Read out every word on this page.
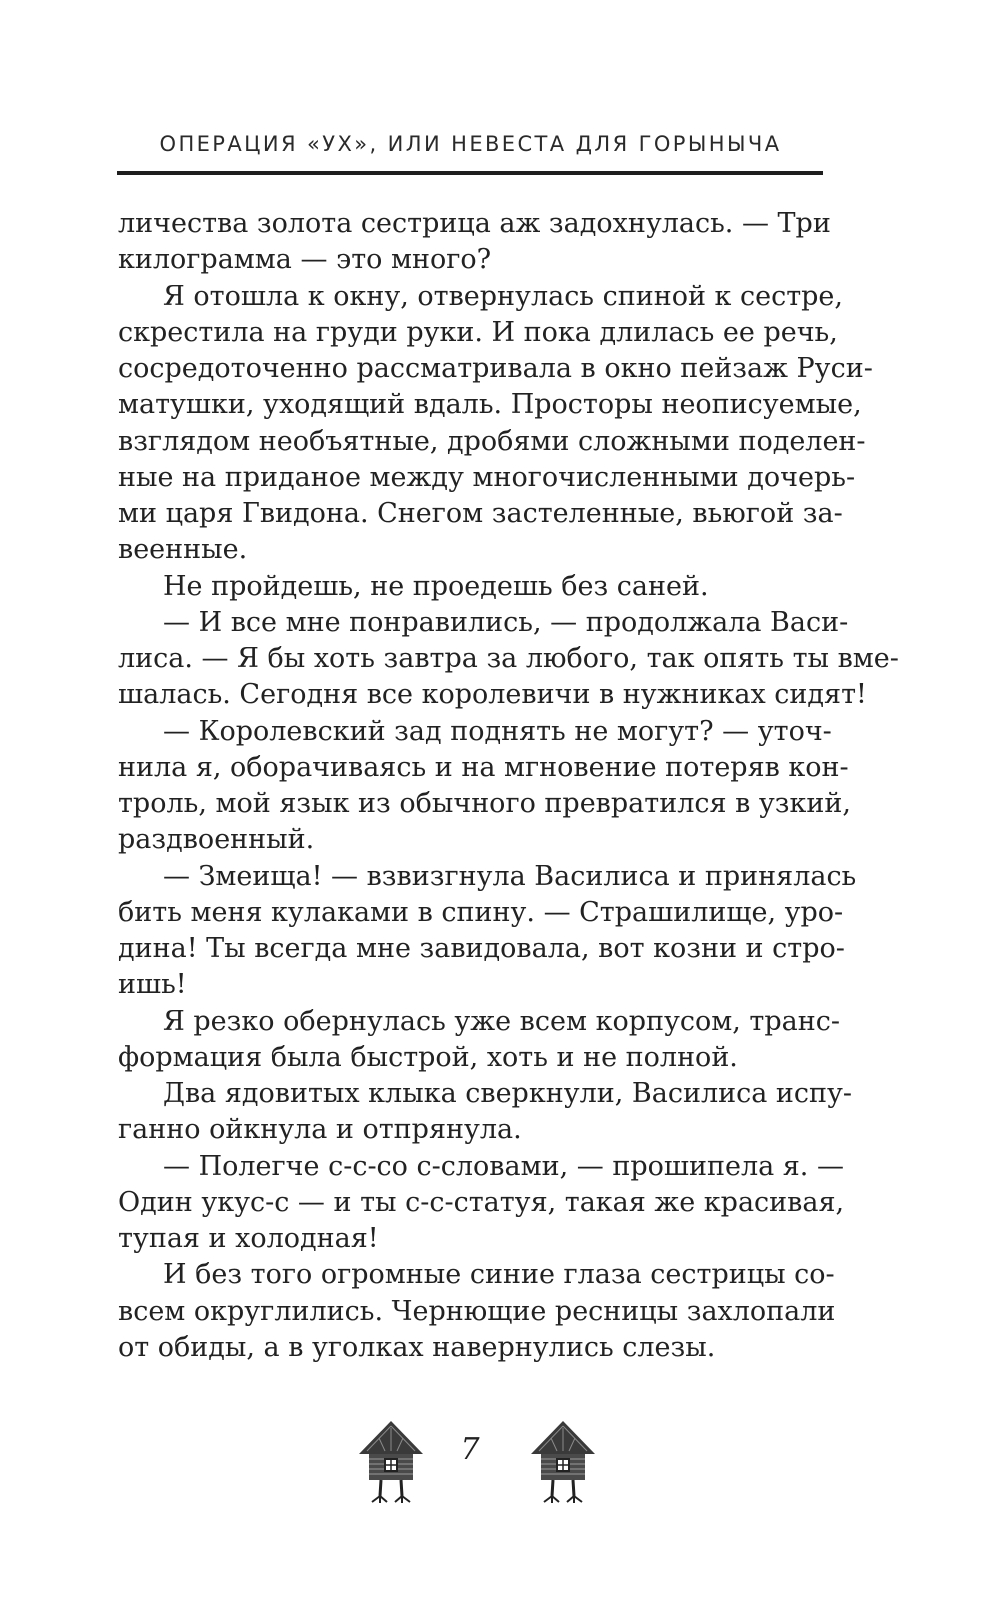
ОПЕРАЦИЯ «УХ», ИЛИ НЕВЕСТА ДЛЯ ГОРЫНЫЧА
личества золота сестрица аж задохнулась. — Три
килограмма — это много?
Я отошла к окну, отвернулась спиной к сестре,
скрестила на груди руки. И пока длилась ее речь,
сосредоточенно рассматривала в окно пейзаж Руси-
матушки, уходящий вдаль. Просторы неописуемые,
взглядом необъятные, дробями сложными поделен-
ные на приданое между многочисленными дочерь-
ми царя Гвидона. Снегом застеленные, вьюгой за-
веенные.
Не пройдешь, не проедешь без саней.
— И все мне понравились, — продолжала Васи-
лиса. — Я бы хоть завтра за любого, так опять ты вме-
шалась. Сегодня все королевичи в нужниках сидят!
— Королевский зад поднять не могут? — уточ-
нила я, оборачиваясь и на мгновение потеряв кон-
троль, мой язык из обычного превратился в узкий,
раздвоенный.
— Змеища! — взвизгнула Василиса и принялась
бить меня кулаками в спину. — Страшилище, уро-
дина! Ты всегда мне завидовала, вот козни и стро-
ишь!
Я резко обернулась уже всем корпусом, транс-
формация была быстрой, хоть и не полной.
Два ядовитых клыка сверкнули, Василиса испу-
ганно ойкнула и отпрянула.
— Полегче с-с-со с-словами, — прошипела я. —
Один укус-с — и ты с-с-статуя, такая же красивая,
тупая и холодная!
И без того огромные синие глаза сестрицы со-
всем округлились. Чернющие ресницы захлопали
от обиды, а в уголках навернулись слезы.
7
